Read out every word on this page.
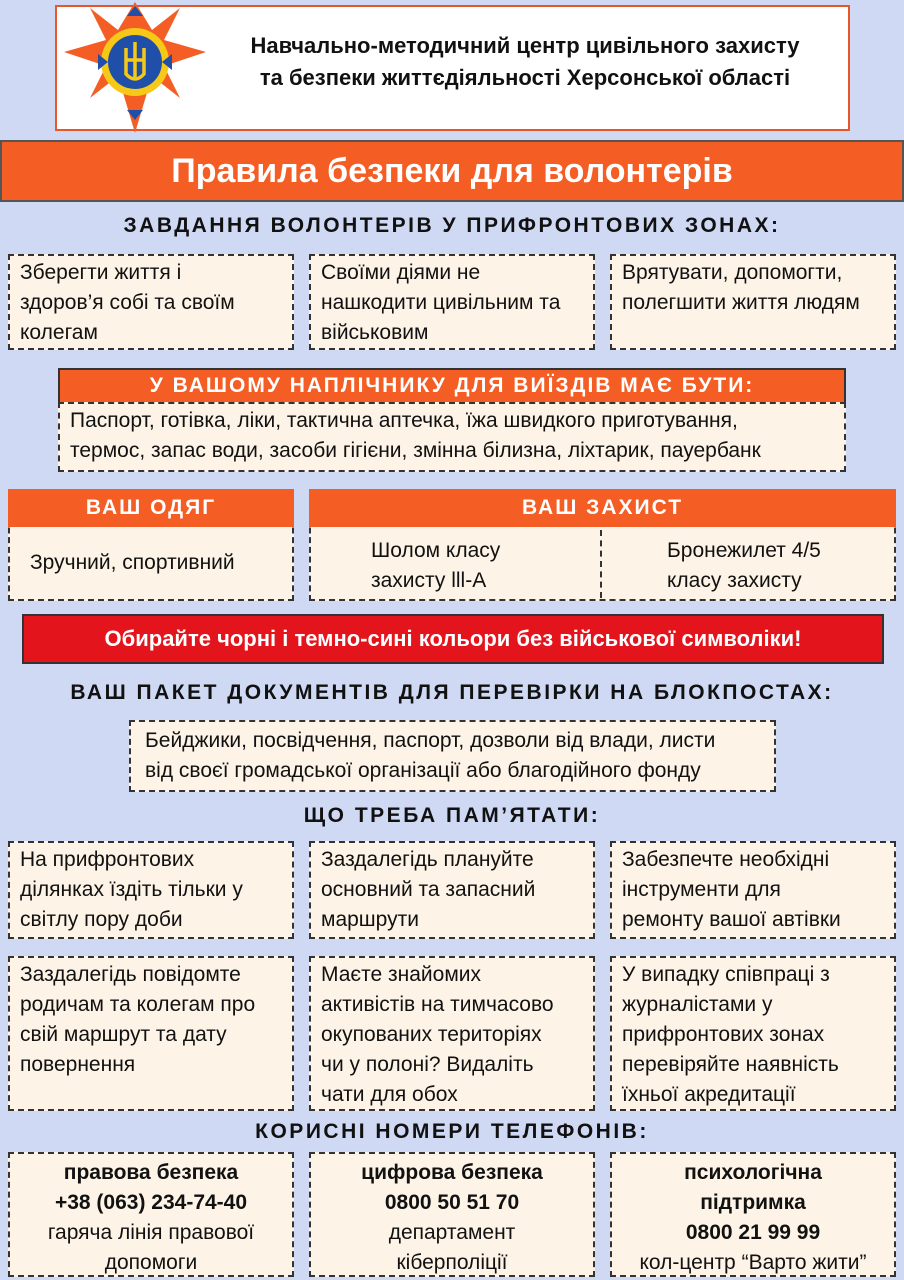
Навчально-методичний центр цивільного захисту
та безпеки життєдіяльності Херсонської області
Правила безпеки для волонтерів
ЗАВДАННЯ ВОЛОНТЕРІВ У ПРИФРОНТОВИХ ЗОНАХ:
Зберегти життя і
здоров’я собі та своїм
колегам
Своїми діями не
нашкодити цивільним та
військовим
Врятувати, допомогти,
полегшити життя людям
У ВАШОМУ НАПЛІЧНИКУ ДЛЯ ВИЇЗДІВ МАЄ БУТИ:
Паспорт, готівка, ліки, тактична аптечка, їжа швидкого приготування,
термос, запас води, засоби гігієни, змінна білизна, ліхтарик, пауербанк
ВАШ ОДЯГ
Зручний, спортивний
ВАШ ЗАХИСТ
Шолом класу
захисту lll-A
Бронежилет 4/5
класу захисту
Обирайте чорні і темно-сині кольори без військової символіки!
ВАШ ПАКЕТ ДОКУМЕНТІВ ДЛЯ ПЕРЕВІРКИ НА БЛОКПОСТАХ:
Бейджики, посвідчення, паспорт, дозволи від влади, листи
від своєї громадської організації або благодійного фонду
ЩО ТРЕБА ПАМ’ЯТАТИ:
На прифронтових
ділянках їздіть тільки у
світлу пору доби
Заздалегідь плануйте
основний та запасний
маршрути
Забезпечте необхідні
інструменти для
ремонту вашої автівки
Заздалегідь повідомте
родичам та колегам про
свій маршрут та дату
повернення
Маєте знайомих
активістів на тимчасово
окупованих територіях
чи у полоні? Видаліть
чати для обох
У випадку співпраці з
журналістами у
прифронтових зонах
перевіряйте наявність
їхньої акредитації
КОРИСНІ НОМЕРИ ТЕЛЕФОНІВ:
правова безпека
+38 (063) 234-74-40
гаряча лінія правової
допомоги
цифрова безпека
0800 50 51 70
департамент
кіберполіції
психологічна
підтримка
0800 21 99 99
кол-центр “Варто жити”
